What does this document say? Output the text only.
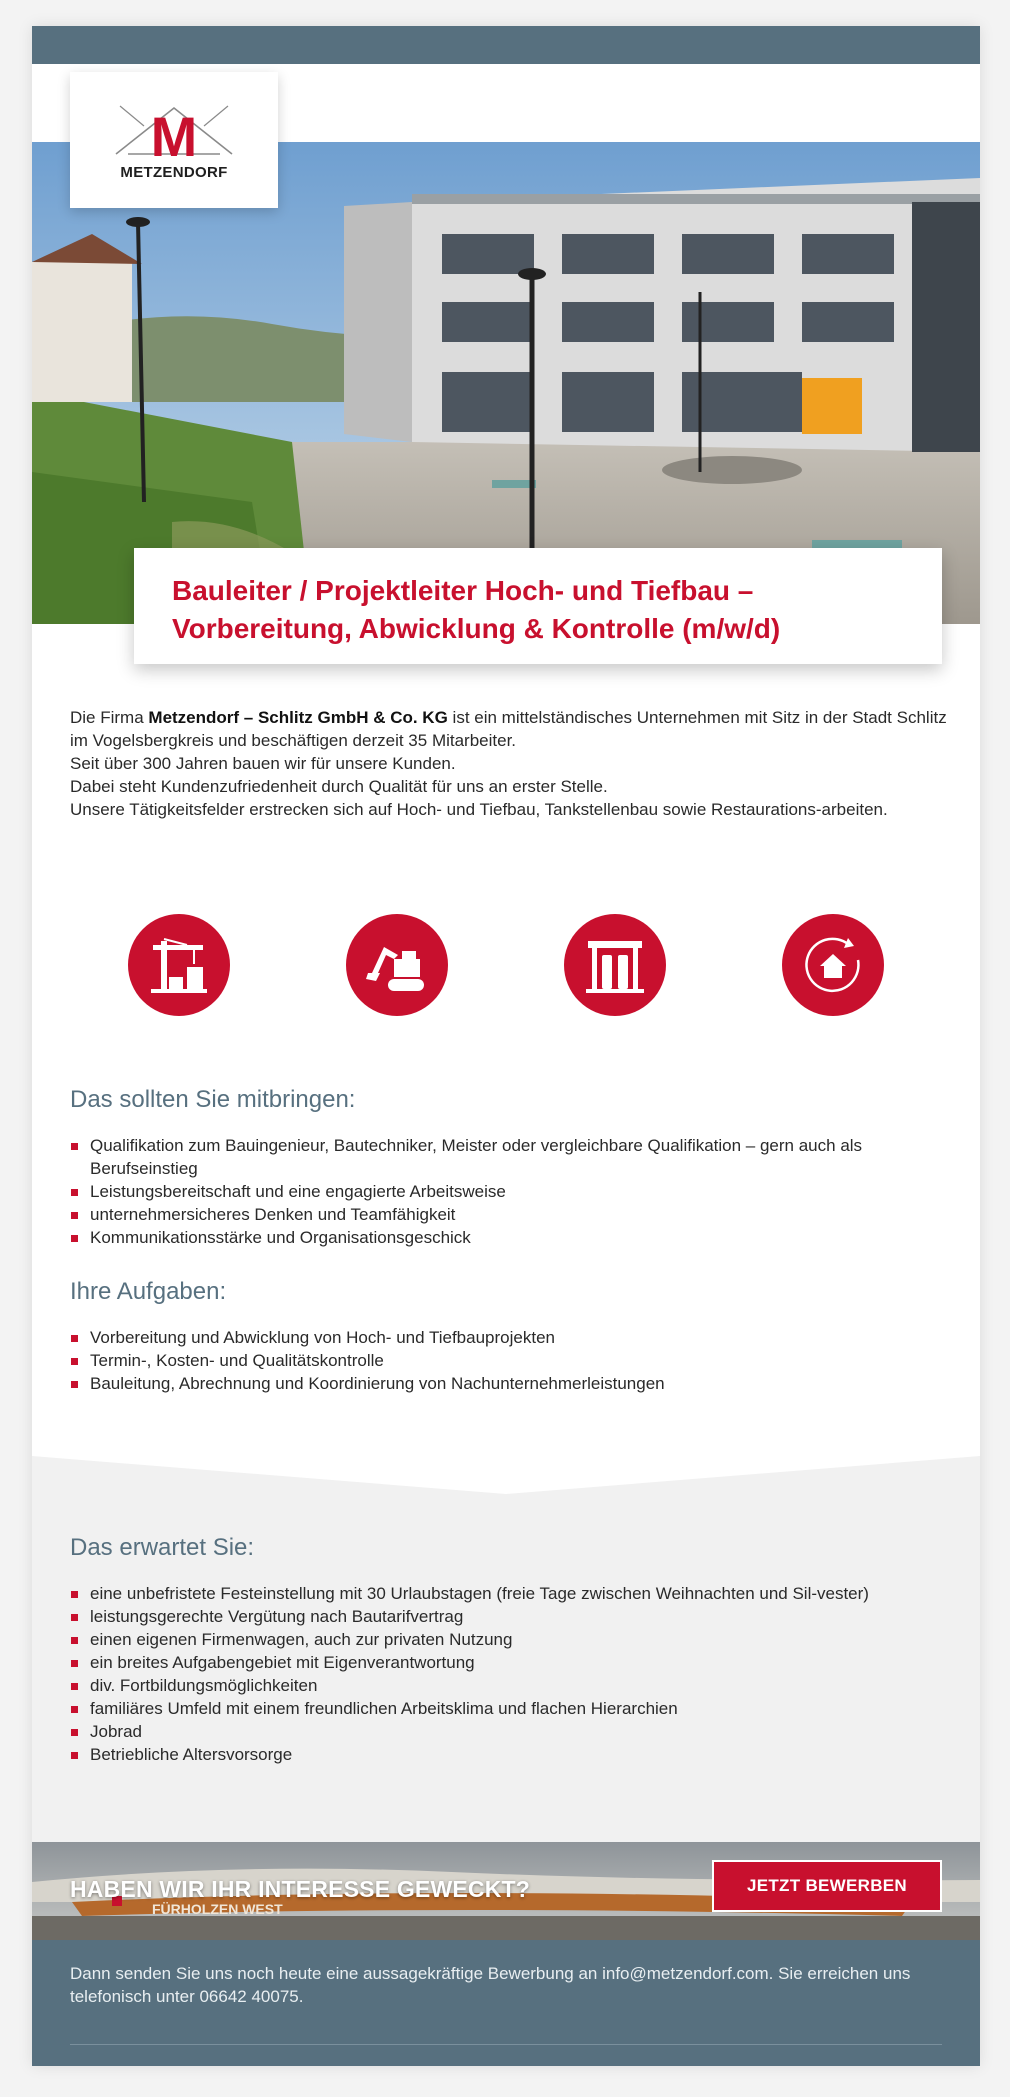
M
METZENDORF
Bauleiter / Projektleiter Hoch- und Tiefbau –
Vorbereitung, Abwicklung & Kontrolle (m/w/d)
Die Firma Metzendorf – Schlitz GmbH & Co. KG ist ein mittelständisches Unternehmen mit Sitz in der Stadt Schlitz im Vogelsbergkreis und beschäftigen derzeit 35 Mitarbeiter.
Seit über 300 Jahren bauen wir für unsere Kunden.
Dabei steht Kundenzufriedenheit durch Qualität für uns an erster Stelle.
Unsere Tätigkeitsfelder erstrecken sich auf Hoch- und Tiefbau, Tankstellenbau sowie Restaurations-arbeiten.
Das sollten Sie mitbringen:
Qualifikation zum Bauingenieur, Bautechniker, Meister oder vergleichbare Qualifikation – gern auch als Berufseinstieg
Leistungsbereitschaft und eine engagierte Arbeitsweise
unternehmersicheres Denken und Teamfähigkeit
Kommunikationsstärke und Organisationsgeschick
Ihre Aufgaben:
Vorbereitung und Abwicklung von Hoch- und Tiefbauprojekten
Termin-, Kosten- und Qualitätskontrolle
Bauleitung, Abrechnung und Koordinierung von Nachunternehmerleistungen
Das erwartet Sie:
eine unbefristete Festeinstellung mit 30 Urlaubstagen (freie Tage zwischen Weihnachten und Sil-vester)
leistungsgerechte Vergütung nach Bautarifvertrag
einen eigenen Firmenwagen, auch zur privaten Nutzung
ein breites Aufgabengebiet mit Eigenverantwortung
div. Fortbildungsmöglichkeiten
familiäres Umfeld mit einem freundlichen Arbeitsklima und flachen Hierarchien
Jobrad
Betriebliche Altersvorsorge
FÜRHOLZEN WEST
HABEN WIR IHR INTERESSE GEWECKT?	JETZT BEWERBEN

Dann senden Sie uns noch heute eine aussagekräftige Bewerbung an info@metzendorf.com. Sie erreichen uns telefonisch unter 06642 40075.
